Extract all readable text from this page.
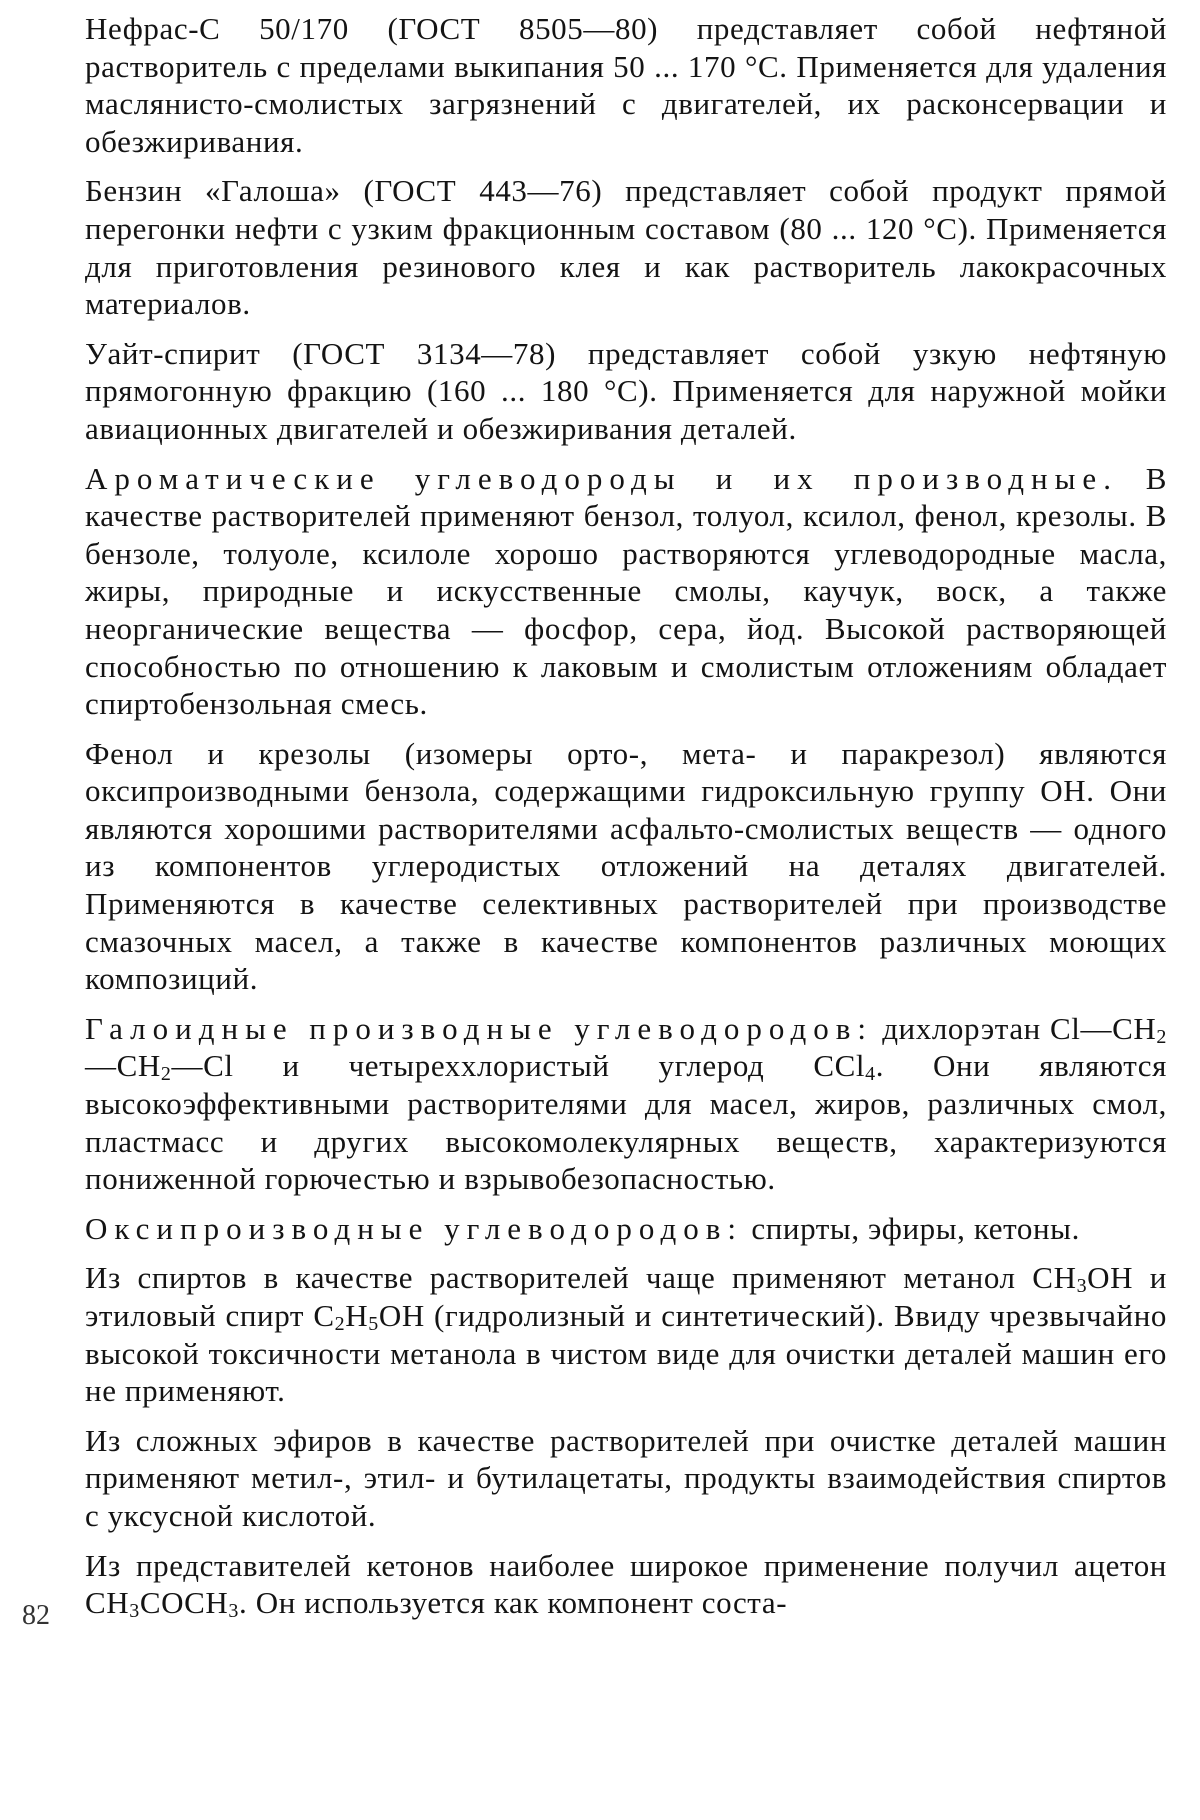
Нефрас-С 50/170 (ГОСТ 8505—80) представляет собой нефтяной растворитель с пределами выкипания 50 ... 170 °С. Применяется для удаления маслянисто-смолистых загрязнений с двигателей, их расконсервации и обезжиривания.

Бензин «Галоша» (ГОСТ 443—76) представляет собой продукт прямой перегонки нефти с узким фракционным составом (80 ... 120 °С). Применяется для приготовления резинового клея и как растворитель лакокрасочных материалов.

Уайт-спирит (ГОСТ 3134—78) представляет собой узкую нефтяную прямогонную фракцию (160 ... 180 °С). Применяется для наружной мойки авиационных двигателей и обезжиривания деталей.

Ароматические углеводороды и их производные. В качестве растворителей применяют бензол, толуол, ксилол, фенол, крезолы. В бензоле, толуоле, ксилоле хорошо растворяются углеводородные масла, жиры, природные и искусственные смолы, каучук, воск, а также неорганические вещества — фосфор, сера, йод. Высокой растворяющей способностью по отношению к лаковым и смолистым отложениям обладает спиртобензольная смесь.

Фенол и крезолы (изомеры орто-, мета- и паракрезол) являются оксипроизводными бензола, содержащими гидроксильную группу ОН. Они являются хорошими растворителями асфальто-смолистых веществ — одного из компонентов углеродистых отложений на деталях двигателей. Применяются в качестве селективных растворителей при производстве смазочных масел, а также в качестве компонентов различных моющих композиций.

Галоидные производные углеводородов: дихлорэтан $Cl—CH_2—CH_2—Cl$ и четыреххлористый углерод CCl$_4$. Они являются высокоэффективными растворителями для масел, жиров, различных смол, пластмасс и других высокомолекулярных веществ, характеризуются пониженной горючестью и взрывобезопасностью.

Оксипроизводные углеводородов: спирты, эфиры, кетоны.

Из спиртов в качестве растворителей чаще применяют метанол $CH_3OH$ и этиловый спирт $C_2H_5OH$ (гидролизный и синтетический). Ввиду чрезвычайно высокой токсичности метанола в чистом виде для очистки деталей машин его не применяют.

Из сложных эфиров в качестве растворителей при очистке деталей машин применяют метил-, этил- и бутилацетаты, продукты взаимодействия спиртов с уксусной кислотой.

Из представителей кетонов наиболее широкое применение получил ацетон $CH_3COCH_3$. Он используется как компонент соста-

82
